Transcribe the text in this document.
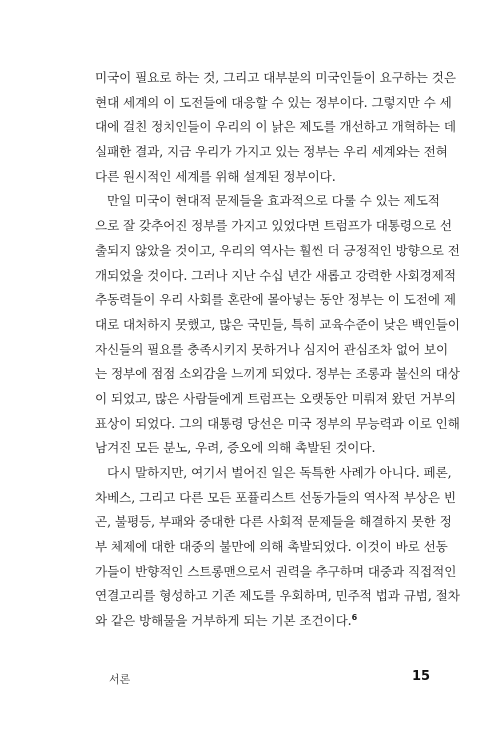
미국이 필요로 하는 것, 그리고 대부분의 미국인들이 요구하는 것은
현대 세계의 이 도전들에 대응할 수 있는 정부이다. 그렇지만 수 세
대에 걸친 정치인들이 우리의 이 낡은 제도를 개선하고 개혁하는 데
실패한 결과, 지금 우리가 가지고 있는 정부는 우리 세계와는 전혀
다른 원시적인 세계를 위해 설계된 정부이다.
만일 미국이 현대적 문제들을 효과적으로 다룰 수 있는 제도적
으로 잘 갖추어진 정부를 가지고 있었다면 트럼프가 대통령으로 선
출되지 않았을 것이고, 우리의 역사는 훨씬 더 긍정적인 방향으로 전
개되었을 것이다. 그러나 지난 수십 년간 새롭고 강력한 사회경제적
추동력들이 우리 사회를 혼란에 몰아넣는 동안 정부는 이 도전에 제
대로 대처하지 못했고, 많은 국민들, 특히 교육수준이 낮은 백인들이
자신들의 필요를 충족시키지 못하거나 심지어 관심조차 없어 보이
는 정부에 점점 소외감을 느끼게 되었다. 정부는 조롱과 불신의 대상
이 되었고, 많은 사람들에게 트럼프는 오랫동안 미뤄져 왔던 거부의
표상이 되었다. 그의 대통령 당선은 미국 정부의 무능력과 이로 인해
남겨진 모든 분노, 우려, 증오에 의해 촉발된 것이다.
다시 말하지만, 여기서 벌어진 일은 독특한 사례가 아니다. 페론,
차베스, 그리고 다른 모든 포퓰리스트 선동가들의 역사적 부상은 빈
곤, 불평등, 부패와 중대한 다른 사회적 문제들을 해결하지 못한 정
부 체제에 대한 대중의 불만에 의해 촉발되었다. 이것이 바로 선동
가들이 반향적인 스트롱맨으로서 권력을 추구하며 대중과 직접적인
연결고리를 형성하고 기존 제도를 우회하며, 민주적 법과 규범, 절차
와 같은 방해물을 거부하게 되는 기본 조건이다.$^6$
서론	15
